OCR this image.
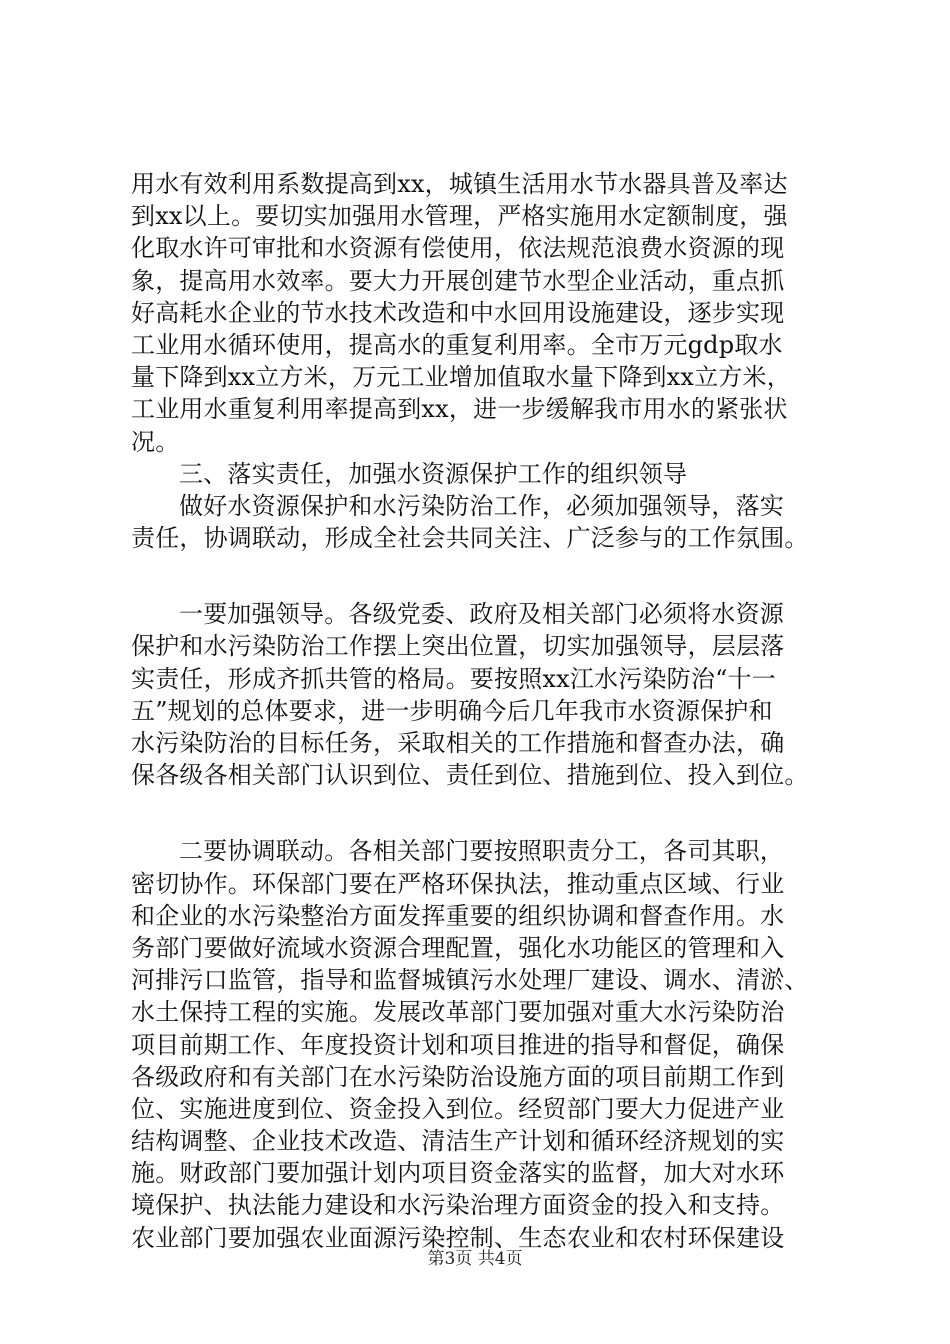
用水有效利用系数提高到xx，城镇生活用水节水器具普及率达
到xx以上。要切实加强用水管理，严格实施用水定额制度，强
化取水许可审批和水资源有偿使用，依法规范浪费水资源的现
象，提高用水效率。要大力开展创建节水型企业活动，重点抓
好高耗水企业的节水技术改造和中水回用设施建设，逐步实现
工业用水循环使用，提高水的重复利用率。全市万元gdp取水
量下降到xx立方米，万元工业增加值取水量下降到xx立方米，
工业用水重复利用率提高到xx，进一步缓解我市用水的紧张状
况。
三、落实责任，加强水资源保护工作的组织领导
做好水资源保护和水污染防治工作，必须加强领导，落实
责任，协调联动，形成全社会共同关注、广泛参与的工作氛围。
一要加强领导。各级党委、政府及相关部门必须将水资源
保护和水污染防治工作摆上突出位置，切实加强领导，层层落
实责任，形成齐抓共管的格局。要按照xx江水污染防治“十一
五”规划的总体要求，进一步明确今后几年我市水资源保护和
水污染防治的目标任务，采取相关的工作措施和督查办法，确
保各级各相关部门认识到位、责任到位、措施到位、投入到位。
二要协调联动。各相关部门要按照职责分工，各司其职，
密切协作。环保部门要在严格环保执法，推动重点区域、行业
和企业的水污染整治方面发挥重要的组织协调和督查作用。水
务部门要做好流域水资源合理配置，强化水功能区的管理和入
河排污口监管，指导和监督城镇污水处理厂建设、调水、清淤、
水土保持工程的实施。发展改革部门要加强对重大水污染防治
项目前期工作、年度投资计划和项目推进的指导和督促，确保
各级政府和有关部门在水污染防治设施方面的项目前期工作到
位、实施进度到位、资金投入到位。经贸部门要大力促进产业
结构调整、企业技术改造、清洁生产计划和循环经济规划的实
施。财政部门要加强计划内项目资金落实的监督，加大对水环
境保护、执法能力建设和水污染治理方面资金的投入和支持。
农业部门要加强农业面源污染控制、生态农业和农村环保建设
第3页 共4页
